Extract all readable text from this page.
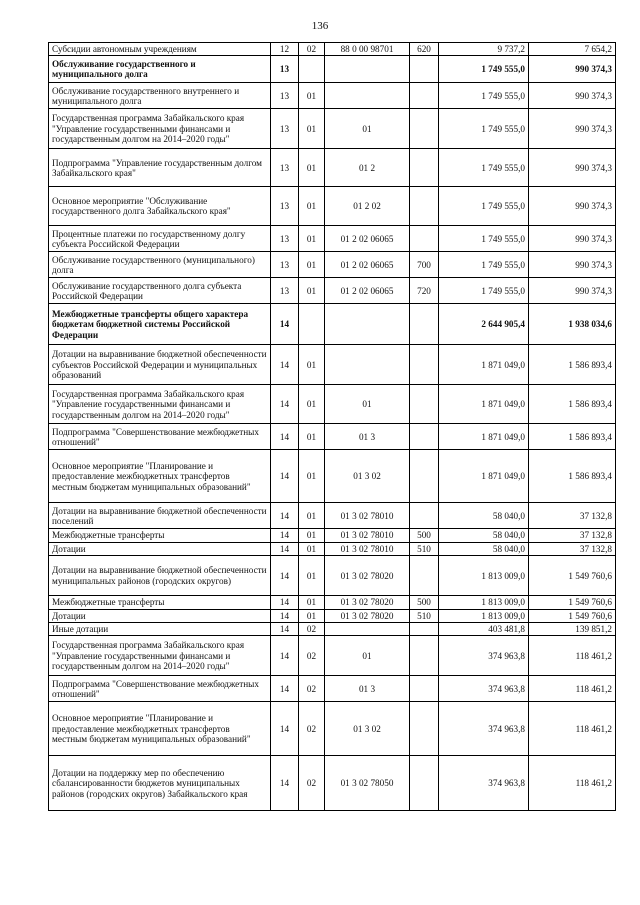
136
Субсидии автономным учреждениям	12	02	88 0 00 98701	620	9 737,2	7 654,2
Обслуживание государственного и муниципального долга	13				1 749 555,0	990 374,3
Обслуживание государственного внутреннего и муниципального долга	13	01			1 749 555,0	990 374,3
Государственная программа Забайкальского края "Управление государственными финансами и государственным долгом на 2014–2020 годы"	13	01	01		1 749 555,0	990 374,3
Подпрограмма "Управление государственным долгом Забайкальского края"	13	01	01 2		1 749 555,0	990 374,3
Основное мероприятие "Обслуживание государственного долга Забайкальского края"	13	01	01 2 02		1 749 555,0	990 374,3
Процентные платежи по государственному долгу субъекта Российской Федерации	13	01	01 2 02 06065		1 749 555,0	990 374,3
Обслуживание государственного (муниципального) долга	13	01	01 2 02 06065	700	1 749 555,0	990 374,3
Обслуживание государственного долга субъекта Российской Федерации	13	01	01 2 02 06065	720	1 749 555,0	990 374,3
Межбюджетные трансферты общего характера бюджетам бюджетной системы Российской Федерации	14				2 644 905,4	1 938 034,6
Дотации на выравнивание бюджетной обеспеченности субъектов Российской Федерации и муниципальных образований	14	01			1 871 049,0	1 586 893,4
Государственная программа Забайкальского края "Управление государственными финансами и государственным долгом на 2014–2020 годы"	14	01	01		1 871 049,0	1 586 893,4
Подпрограмма "Совершенствование межбюджетных отношений"	14	01	01 3		1 871 049,0	1 586 893,4
Основное мероприятие "Планирование и предоставление межбюджетных трансфертов местным бюджетам муниципальных образований"	14	01	01 3 02		1 871 049,0	1 586 893,4
Дотации на выравнивание бюджетной обеспеченности поселений	14	01	01 3 02 78010		58 040,0	37 132,8
Межбюджетные трансферты	14	01	01 3 02 78010	500	58 040,0	37 132,8
Дотации	14	01	01 3 02 78010	510	58 040,0	37 132,8
Дотации на выравнивание бюджетной обеспеченности муниципальных районов (городских округов)	14	01	01 3 02 78020		1 813 009,0	1 549 760,6
Межбюджетные трансферты	14	01	01 3 02 78020	500	1 813 009,0	1 549 760,6
Дотации	14	01	01 3 02 78020	510	1 813 009,0	1 549 760,6
Иные дотации	14	02			403 481,8	139 851,2
Государственная программа Забайкальского края "Управление государственными финансами и государственным долгом на 2014–2020 годы"	14	02	01		374 963,8	118 461,2
Подпрограмма "Совершенствование межбюджетных отношений"	14	02	01 3		374 963,8	118 461,2
Основное мероприятие "Планирование и предоставление межбюджетных трансфертов местным бюджетам муниципальных образований"	14	02	01 3 02		374 963,8	118 461,2
Дотации на поддержку мер по обеспечению сбалансированности бюджетов муниципальных районов (городских округов) Забайкальского края	14	02	01 3 02 78050		374 963,8	118 461,2
